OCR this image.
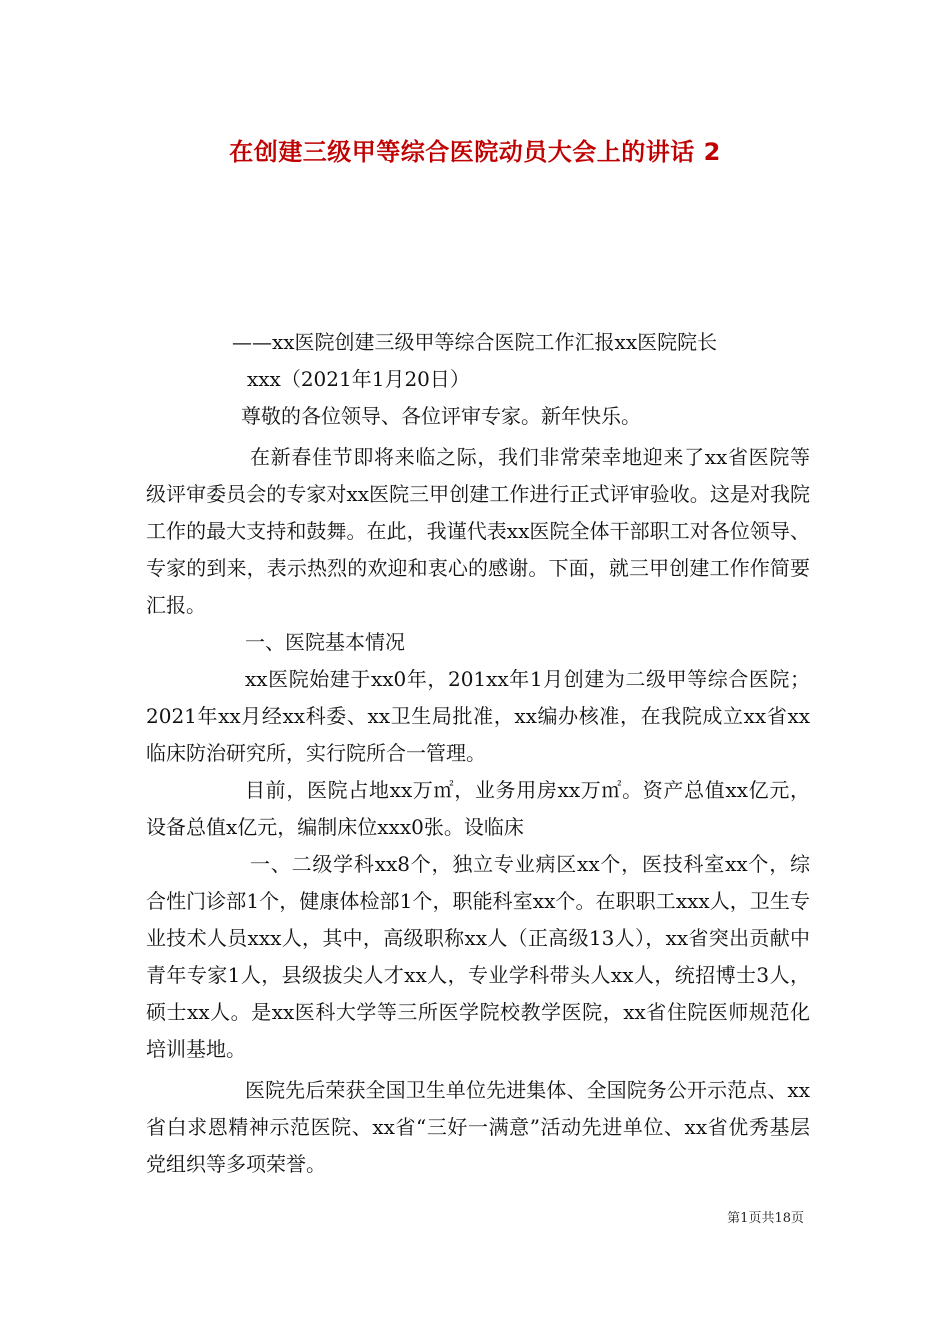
在创建三级甲等综合医院动员大会上的讲话 2

——xx医院创建三级甲等综合医院工作汇报xx医院院长

xxx（2021年1月20日）

尊敬的各位领导、各位评审专家。新年快乐。

在新春佳节即将来临之际，我们非常荣幸地迎来了xx省医院等级评审委员会的专家对xx医院三甲创建工作进行正式评审验收。这是对我院工作的最大支持和鼓舞。在此，我谨代表xx医院全体干部职工对各位领导、专家的到来，表示热烈的欢迎和衷心的感谢。下面，就三甲创建工作作简要汇报。

一、医院基本情况

xx医院始建于xx0年，201xx年1月创建为二级甲等综合医院；2021年xx月经xx科委、xx卫生局批准，xx编办核准，在我院成立xx省xx临床防治研究所，实行院所合一管理。

目前，医院占地xx万㎡，业务用房xx万㎡。资产总值xx亿元，设备总值x亿元，编制床位xxx0张。设临床

一、二级学科xx8个，独立专业病区xx个，医技科室xx个，综合性门诊部1个，健康体检部1个，职能科室xx个。在职职工xxx人，卫生专业技术人员xxx人，其中，高级职称xx人（正高级13人），xx省突出贡献中青年专家1人，县级拔尖人才xx人，专业学科带头人xx人，统招博士3人，硕士xx人。是xx医科大学等三所医学院校教学医院，xx省住院医师规范化培训基地。

医院先后荣获全国卫生单位先进集体、全国院务公开示范点、xx省白求恩精神示范医院、xx省“三好一满意”活动先进单位、xx省优秀基层党组织等多项荣誉。

第1页共18页
